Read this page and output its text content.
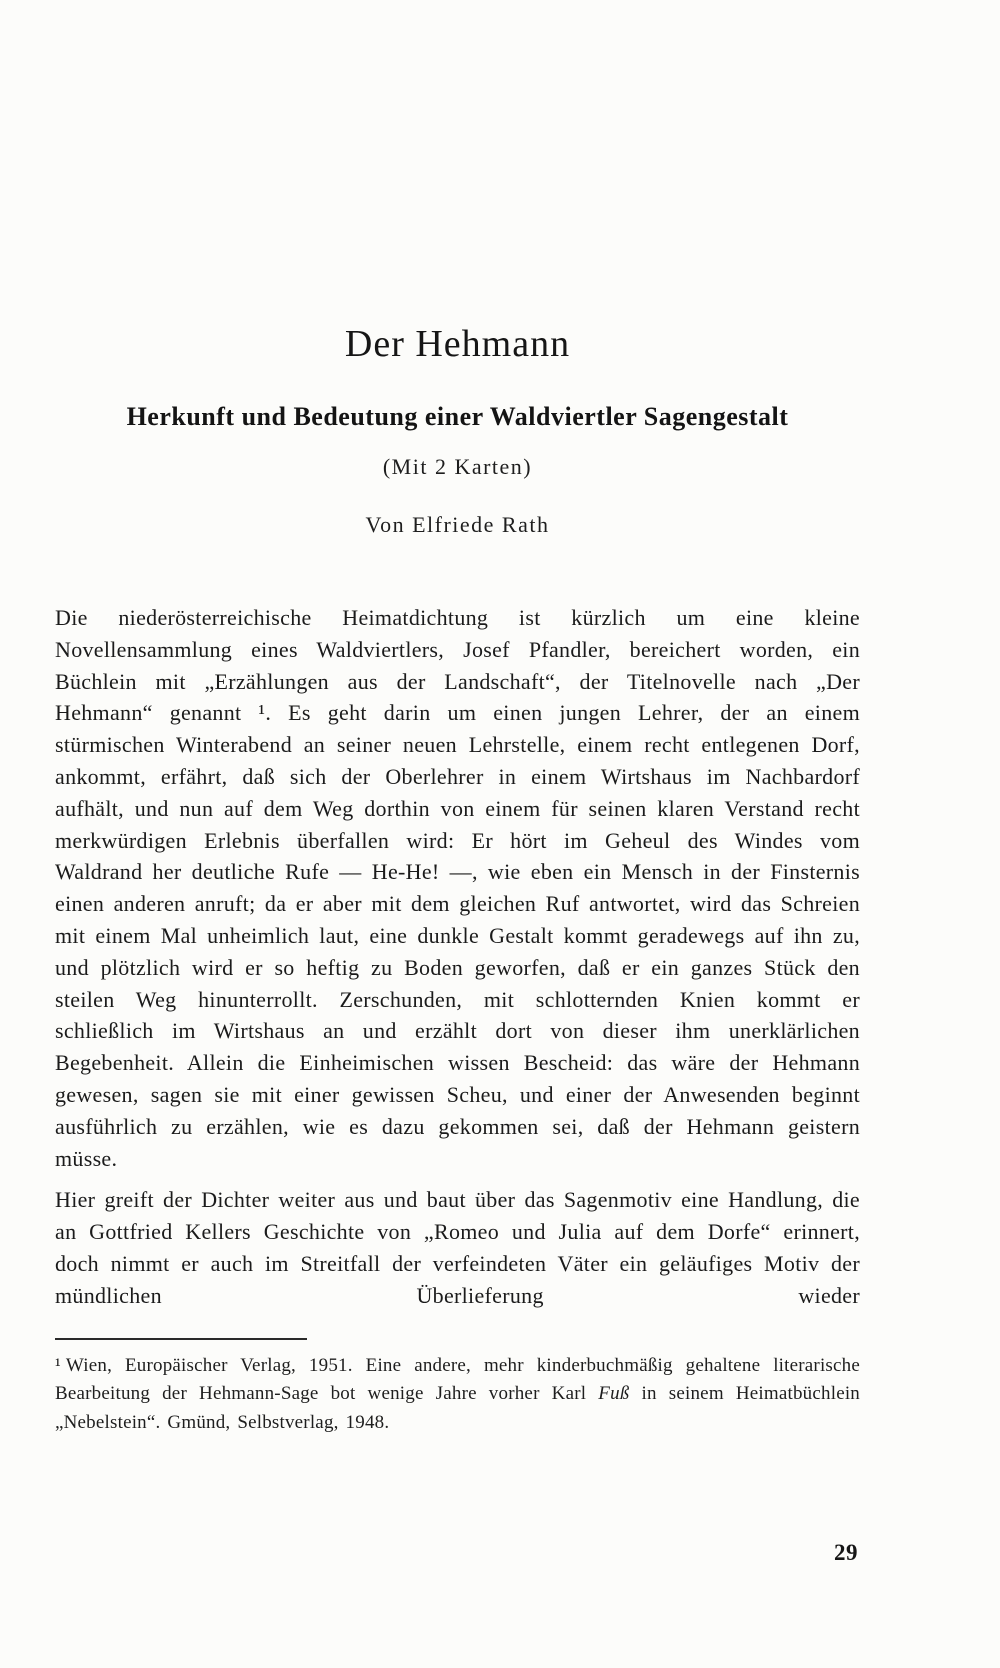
Der Hehmann
Herkunft und Bedeutung einer Waldviertler Sagengestalt
(Mit 2 Karten)
Von Elfriede Rath

Die niederösterreichische Heimatdichtung ist kürzlich um eine kleine Novellensammlung eines Waldviertlers, Josef Pfandler, bereichert worden, ein Büchlein mit „Erzählungen aus der Landschaft“, der Titelnovelle nach „Der Hehmann“ genannt ¹. Es geht darin um einen jungen Lehrer, der an einem stürmischen Winterabend an seiner neuen Lehrstelle, einem recht entlegenen Dorf, ankommt, erfährt, daß sich der Oberlehrer in einem Wirtshaus im Nachbardorf aufhält, und nun auf dem Weg dorthin von einem für seinen klaren Verstand recht merkwürdigen Erlebnis überfallen wird: Er hört im Geheul des Windes vom Waldrand her deutliche Rufe — He-He! —, wie eben ein Mensch in der Finsternis einen anderen anruft; da er aber mit dem gleichen Ruf antwortet, wird das Schreien mit einem Mal unheimlich laut, eine dunkle Gestalt kommt geradewegs auf ihn zu, und plötzlich wird er so heftig zu Boden geworfen, daß er ein ganzes Stück den steilen Weg hinunterrollt. Zerschunden, mit schlotternden Knien kommt er schließlich im Wirtshaus an und erzählt dort von dieser ihm unerklärlichen Begebenheit. Allein die Einheimischen wissen Bescheid: das wäre der Hehmann gewesen, sagen sie mit einer gewissen Scheu, und einer der Anwesenden beginnt ausführlich zu erzählen, wie es dazu gekommen sei, daß der Hehmann geistern müsse.

Hier greift der Dichter weiter aus und baut über das Sagenmotiv eine Handlung, die an Gottfried Kellers Geschichte von „Romeo und Julia auf dem Dorfe“ erinnert, doch nimmt er auch im Streitfall der verfeindeten Väter ein geläufiges Motiv der mündlichen Überlieferung wieder

¹ Wien, Europäischer Verlag, 1951. Eine andere, mehr kinderbuchmäßig gehaltene literarische Bearbeitung der Hehmann-Sage bot wenige Jahre vorher Karl Fuß in seinem Heimatbüchlein „Nebelstein“. Gmünd, Selbstverlag, 1948.
29
